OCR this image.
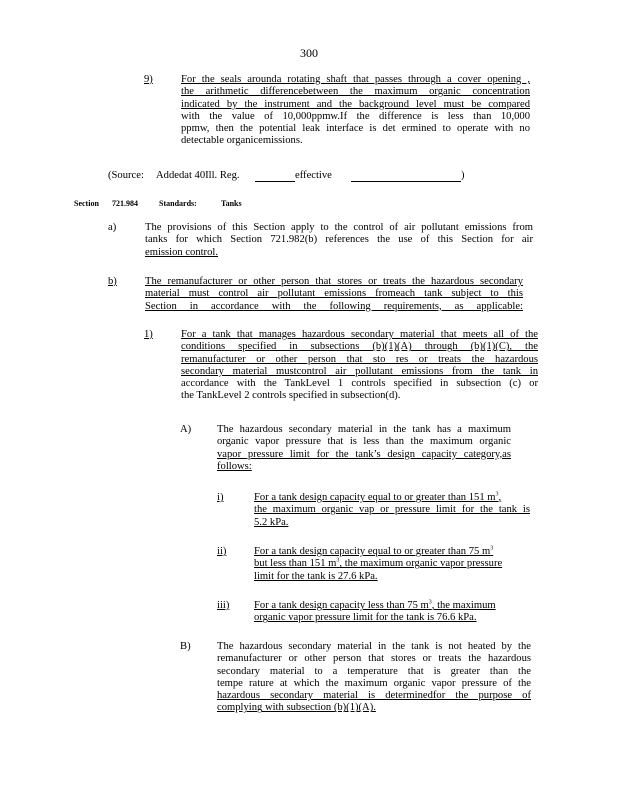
300
9)	For the seals arounda rotating shaft that passes through a cover opening ,
the arithmetic differencebetween the maximum organic concentration
indicated by the instrument and the background level must be compared
with the value of 10,000ppmw.If the difference is less than 10,000
ppmw, then the potential leak interface is det ermined to operate with no
detectable organicemissions.
(Source: Addedat 40Ill. Reg.	effective	)
Section 721.984	Standards:	Tanks
a)	The provisions of this Section apply to the control of air pollutant emissions from
tanks for which Section 721.982(b) references the use of this Section for air
emission control.
b)	The remanufacturer or other person that stores or treats the hazardous secondary
material must control air pollutant emissions fromeach tank subject to this
Section in accordance with the following requirements, as applicable:
1)	For a tank that manages hazardous secondary material that meets all of the
conditions specified in subsections (b)(1)(A) through (b)(1)(C), the
remanufacturer or other person that sto res or treats the hazardous
secondary material mustcontrol air pollutant emissions from the tank in
accordance with the TankLevel 1 controls specified in subsection (c) or
the TankLevel 2 controls specified in subsection(d).
A) The hazardous secondary material in the tank has a maximum
organic vapor pressure that is less than the maximum organic
vapor pressure limit for the tank’s design capacity category,as
follows:
i)	For a tank design capacity equal to or greater than 151 $m^3$,
the maximum organic vap or pressure limit for the tank is
5.2 kPa.
ii)	For a tank design capacity equal to or greater than 75 $m^3$
but less than 151 $m^3$, the maximum organic vapor pressure
limit for the tank is 27.6 kPa.
iii) For a tank design capacity less than 75 $m^3$, the maximum
organic vapor pressure limit for the tank is 76.6 kPa.
B) The hazardous secondary material in the tank is not heated by the
remanufacturer or other person that stores or treats the hazardous
secondary material to a temperature that is greater than the
tempe rature at which the maximum organic vapor pressure of the
hazardous secondary material is determinedfor the purpose of
complying with subsection (b)(1)(A).
